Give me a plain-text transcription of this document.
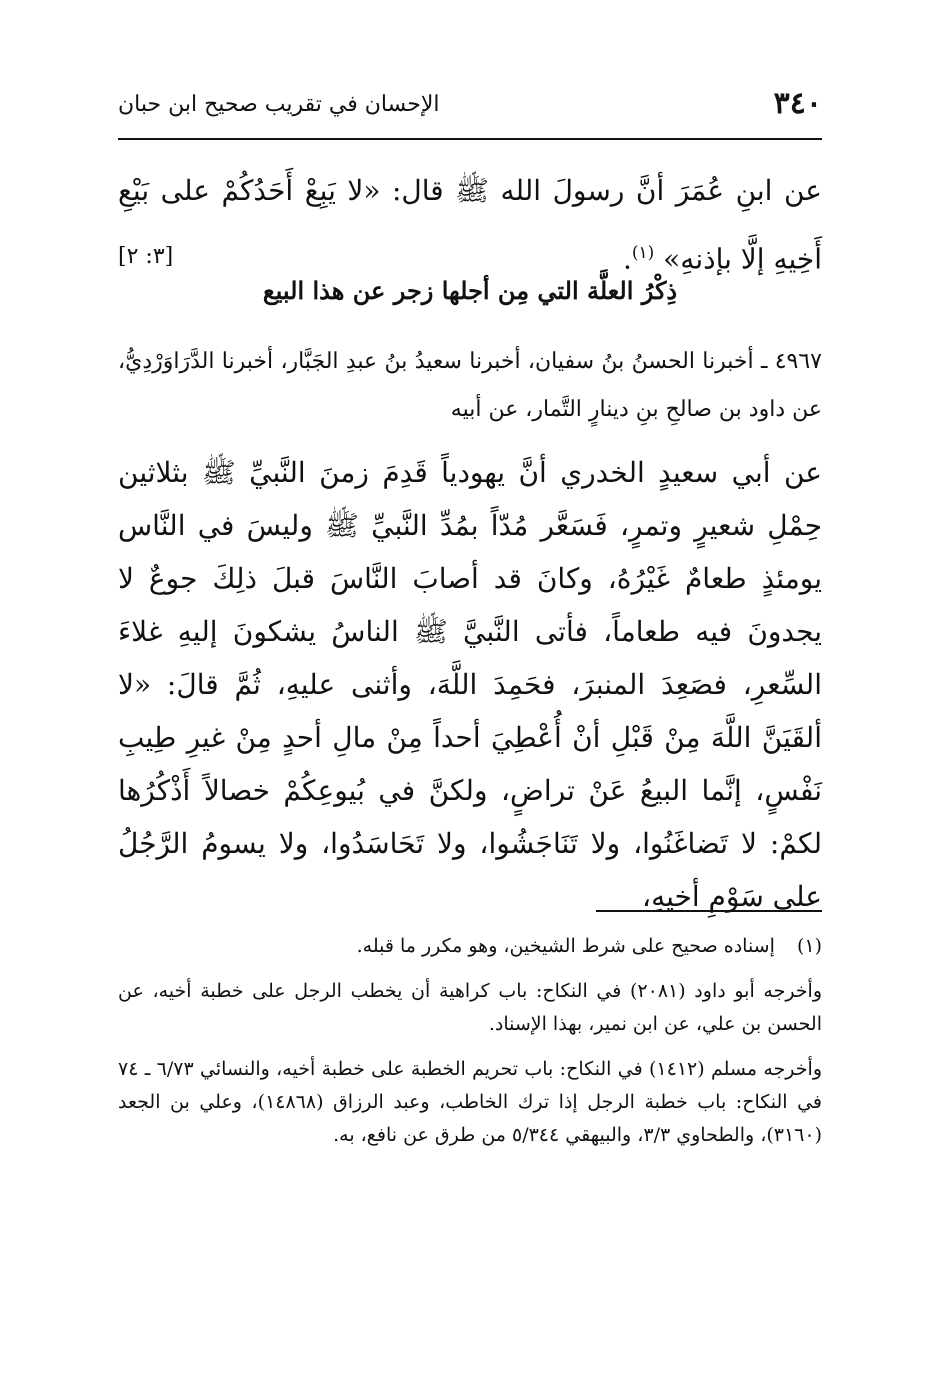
٣٤٠
الإحسان في تقريب صحيح ابن حبان
عن ابنِ عُمَرَ أنَّ رسولَ الله ﷺ قال: «لا يَبِعْ أَحَدُكُمْ على بَيْعِ أَخِيهِ إلَّا بإذنهِ» $^{(١)}$.
[٣: ٢]
ذِكْرُ العلَّة التي مِن أجلها زجر عن هذا البيع
٤٩٦٧ ـ أخبرنا الحسنُ بنُ سفيان، أخبرنا سعيدُ بنُ عبدِ الجَبَّار، أخبرنا الدَّرَاوَرْدِيُّ، عن داود بن صالحِ بنِ دينارٍ التَّمار، عن أبيه
عن أبي سعيدٍ الخدري أنَّ يهودياً قَدِمَ زمنَ النَّبيِّ ﷺ بثلاثين حِمْلِ شعيرٍ وتمرٍ، فَسَعَّر مُدّاً بمُدِّ النَّبيِّ ﷺ وليسَ في النَّاس يومئذٍ طعامٌ غَيْرُهُ، وكانَ قد أصابَ النَّاسَ قبلَ ذلِكَ جوعٌ لا يجدونَ فيه طعاماً، فأتى النَّبيَّ ﷺ الناسُ يشكونَ إليهِ غلاءَ السِّعرِ، فصَعِدَ المنبرَ، فحَمِدَ اللَّهَ، وأثنى عليهِ، ثُمَّ قالَ: «لا ألقَيَنَّ اللَّهَ مِنْ قَبْلِ أنْ أُعْطِيَ أحداً مِنْ مالِ أحدٍ مِنْ غيرِ طِيبِ نَفْسٍ، إنَّما البيعُ عَنْ تراضٍ، ولكنَّ في بُيوعِكُمْ خصالاً أَذْكُرُها لكمْ: لا تَضاغَنُوا، ولا تَنَاجَشُوا، ولا تَحَاسَدُوا، ولا يسومُ الرَّجُلُ على سَوْمِ أخيهِ،

(١) إسناده صحيح على شرط الشيخين، وهو مكرر ما قبله.

وأخرجه أبو داود (٢٠٨١) في النكاح: باب كراهية أن يخطب الرجل على خطبة أخيه، عن الحسن بن علي، عن ابن نمير، بهذا الإسناد.

وأخرجه مسلم (١٤١٢) في النكاح: باب تحريم الخطبة على خطبة أخيه، والنسائي ٦/٧٣ ـ ٧٤ في النكاح: باب خطبة الرجل إذا ترك الخاطب، وعبد الرزاق (١٤٨٦٨)، وعلي بن الجعد (٣١٦٠)، والطحاوي ٣/٣، والبيهقي ٥/٣٤٤ من طرق عن نافع، به.
